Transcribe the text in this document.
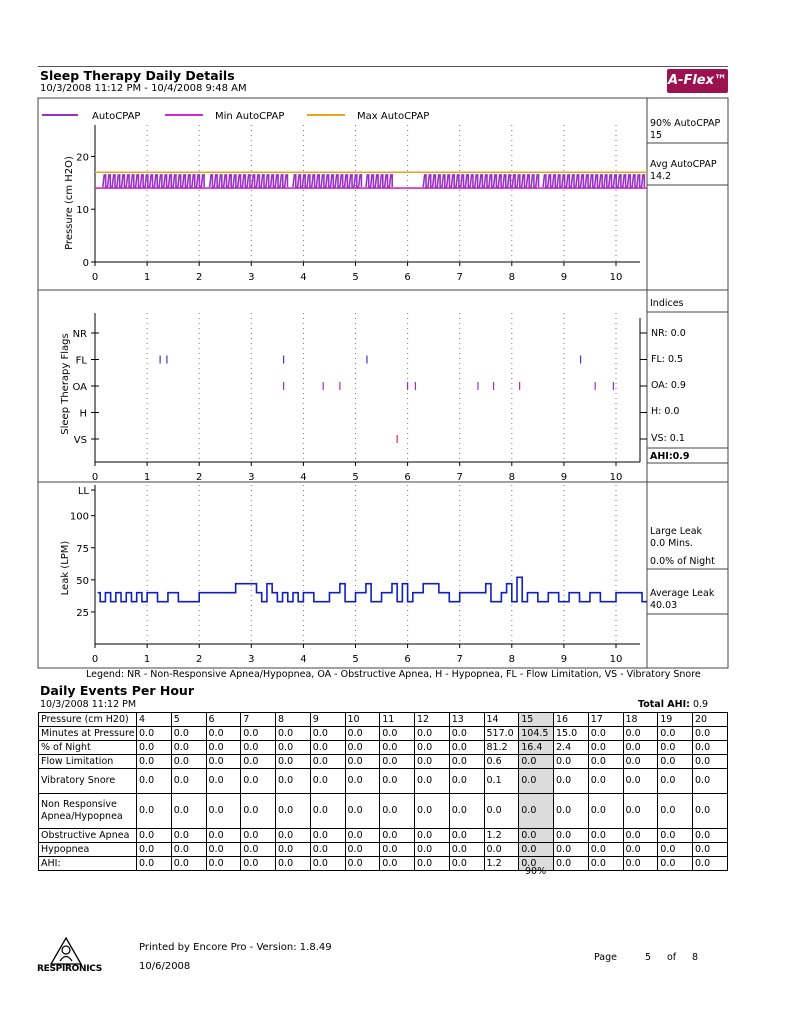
Sleep Therapy Daily Details
10/3/2008 11:12 PM - 10/4/2008 9:48 AM
A-Flex™
AutoCPAP	Min AutoCPAP	Max AutoCPAP
90% AutoCPAP
15
Avg AutoCPAP
14.2
Indices
NR: 0.0
FL: 0.5
OA: 0.9
H: 0.0
VS: 0.1
AHI:0.9
Large Leak
0.0 Mins.
0.0% of Night
Average Leak
40.03
Pressure (cm H2O)
Sleep Therapy Flags
Leak (LPM)
0	1	2	3	4	5	6	7	8	9	10
0
10
20
0	1	2	3	4	5	6	7	8	9	10
NR
FL
OA
H
VS
0	1	2	3	4	5	6	7	8	9	10
25
50
75
100
LL
Legend: NR - Non-Responsive Apnea/Hypopnea, OA - Obstructive Apnea, H - Hypopnea, FL - Flow Limitation, VS - Vibratory Snore
Daily Events Per Hour
10/3/2008 11:12 PM	Total AHI: 0.9
Pressure (cm H20)	4	5	6	7	8	9	10	11	12	13	14	15	16	17	18	19	20
Minutes at Pressure	0.0	0.0	0.0	0.0	0.0	0.0	0.0	0.0	0.0	0.0	517.0	104.5	15.0	0.0	0.0	0.0	0.0
% of Night	0.0	0.0	0.0	0.0	0.0	0.0	0.0	0.0	0.0	0.0	81.2	16.4	2.4	0.0	0.0	0.0	0.0
Flow Limitation	0.0	0.0	0.0	0.0	0.0	0.0	0.0	0.0	0.0	0.0	0.6	0.0	0.0	0.0	0.0	0.0	0.0
Vibratory Snore	0.0	0.0	0.0	0.0	0.0	0.0	0.0	0.0	0.0	0.0	0.1	0.0	0.0	0.0	0.0	0.0	0.0
Non Responsive Apnea/Hypopnea	0.0	0.0	0.0	0.0	0.0	0.0	0.0	0.0	0.0	0.0	0.0	0.0	0.0	0.0	0.0	0.0	0.0
Obstructive Apnea	0.0	0.0	0.0	0.0	0.0	0.0	0.0	0.0	0.0	0.0	1.2	0.0	0.0	0.0	0.0	0.0	0.0
Hypopnea	0.0	0.0	0.0	0.0	0.0	0.0	0.0	0.0	0.0	0.0	0.0	0.0	0.0	0.0	0.0	0.0	0.0
AHI:	0.0	0.0	0.0	0.0	0.0	0.0	0.0	0.0	0.0	0.0	1.2	0.0	0.0	0.0	0.0	0.0	0.0
90%
RESPIRONICS
Printed by Encore Pro - Version: 1.8.49
10/6/2008
Page	5 of 8
